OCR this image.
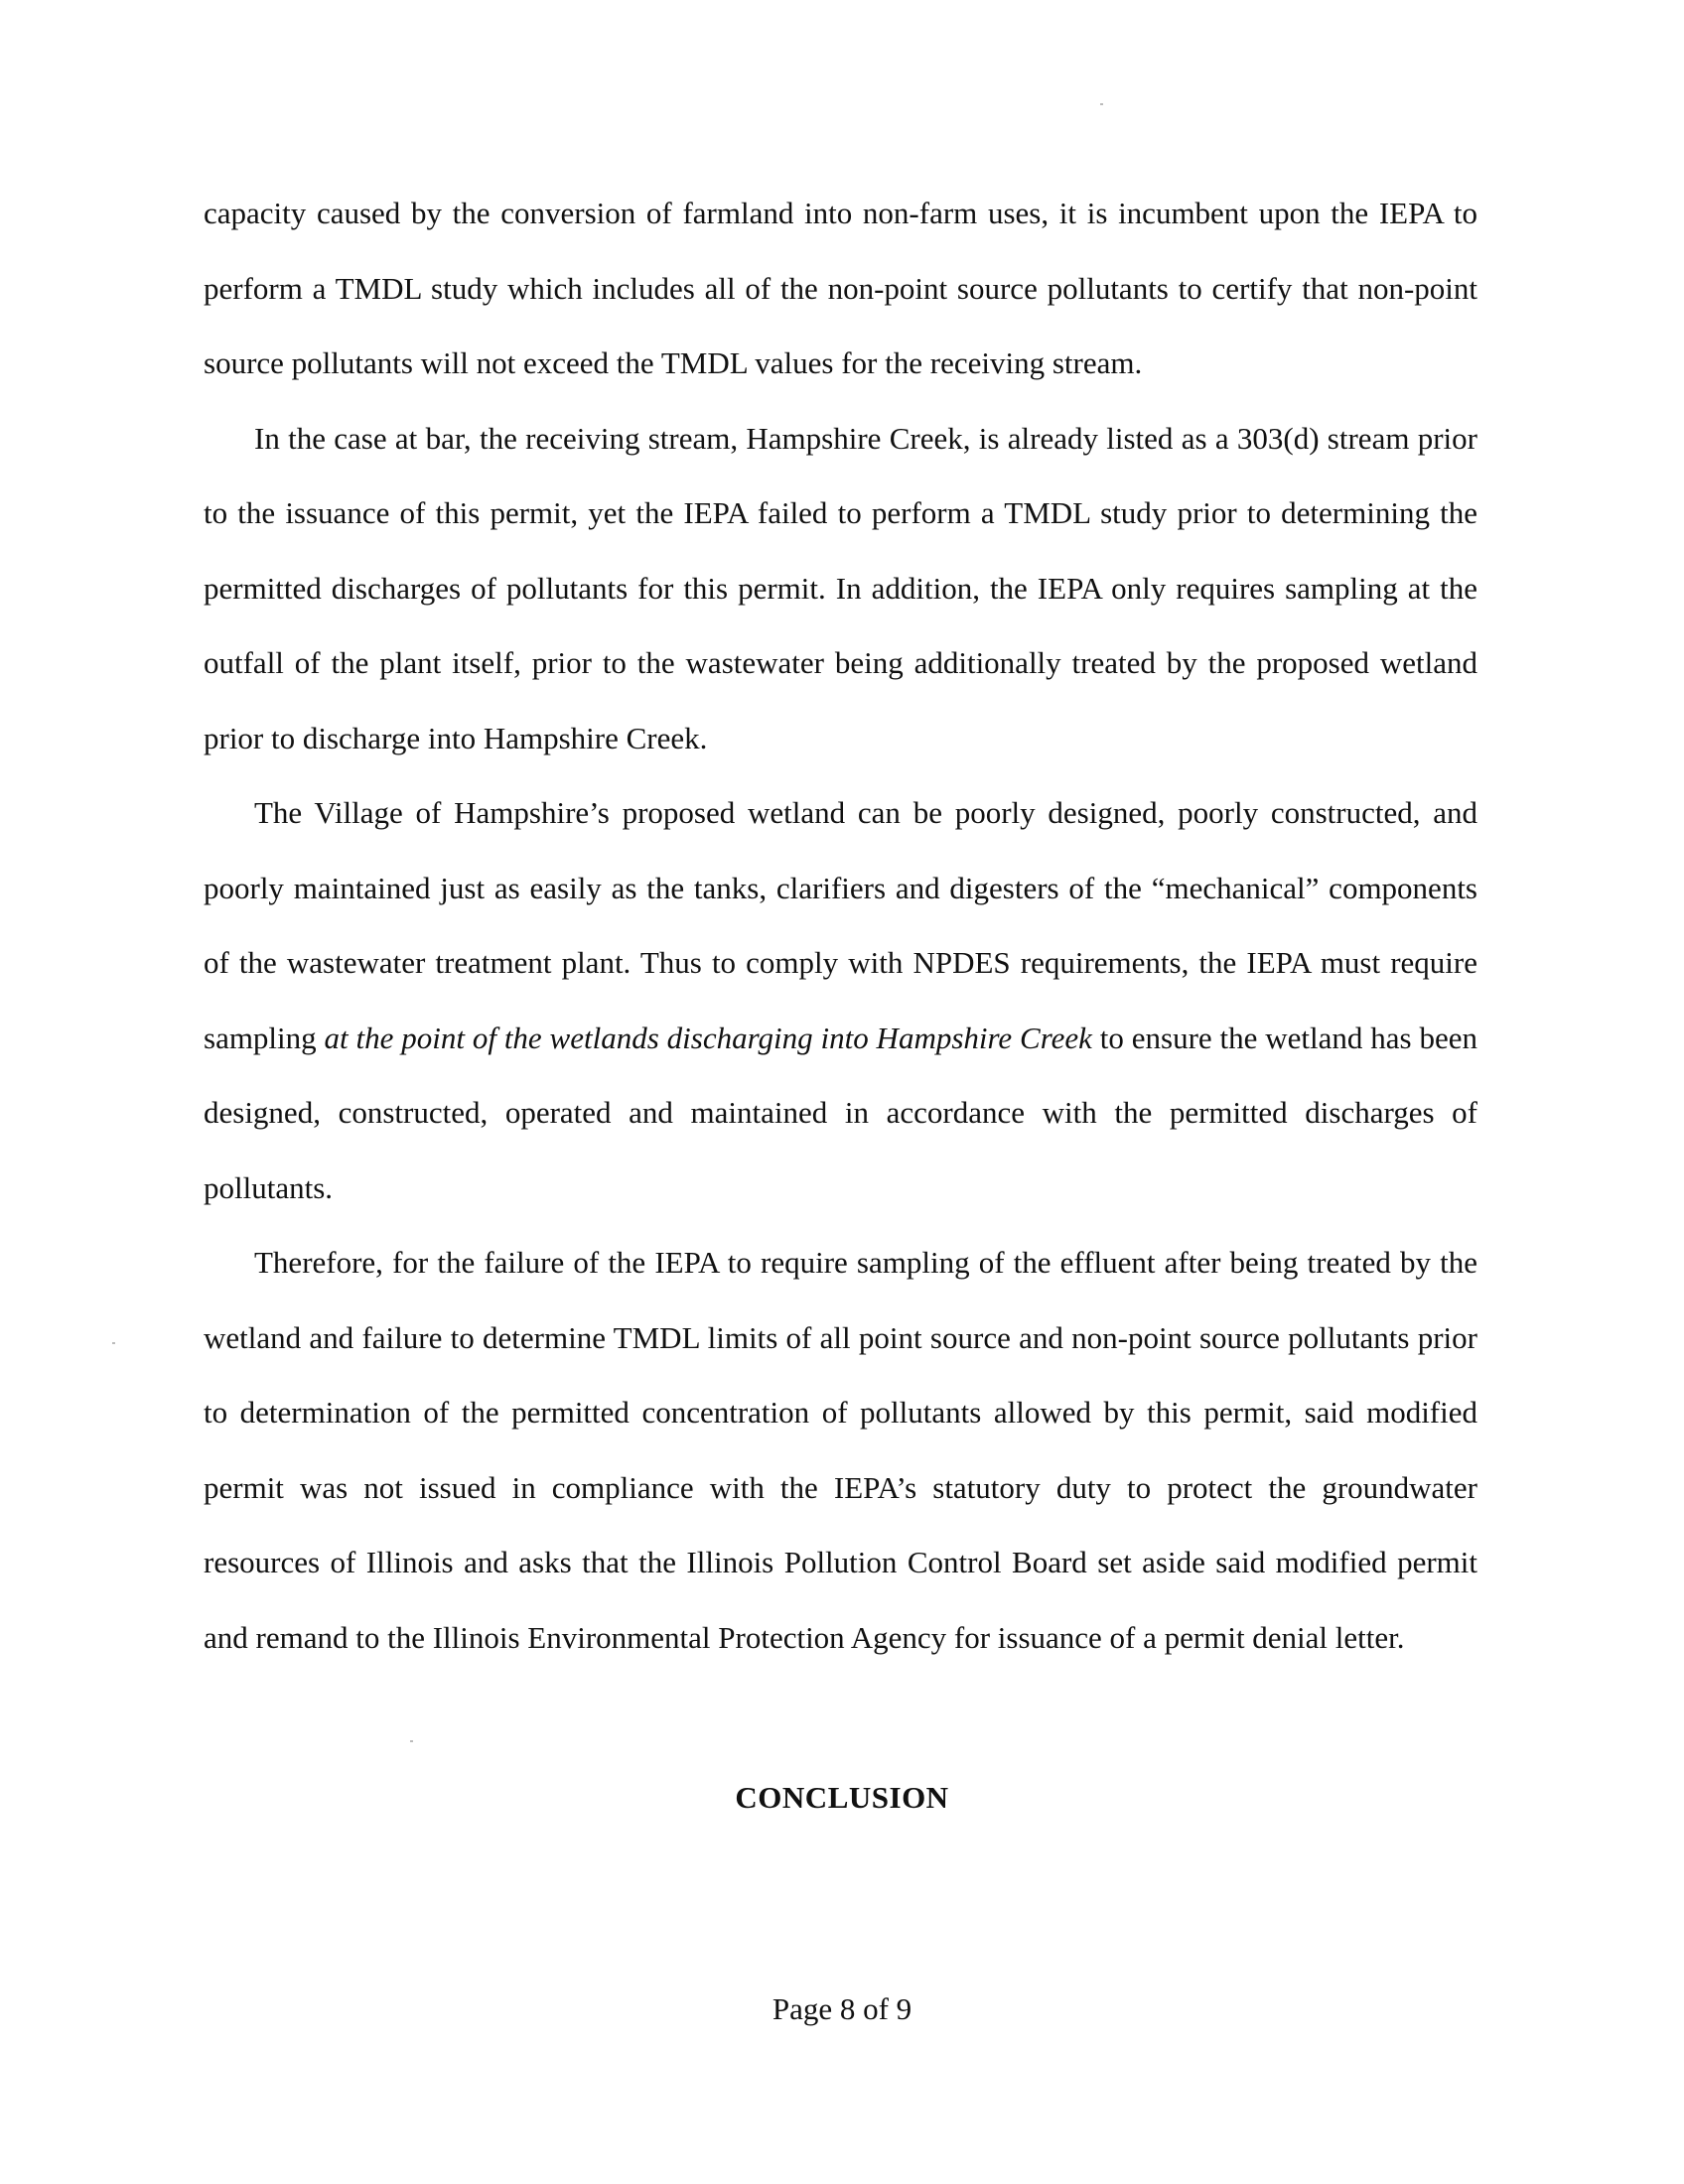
capacity caused by the conversion of farmland into non-farm uses, it is incumbent upon the IEPA to perform a TMDL study which includes all of the non-point source pollutants to certify that non-point source pollutants will not exceed the TMDL values for the receiving stream.

In the case at bar, the receiving stream, Hampshire Creek, is already listed as a 303(d) stream prior to the issuance of this permit, yet the IEPA failed to perform a TMDL study prior to determining the permitted discharges of pollutants for this permit. In addition, the IEPA only requires sampling at the outfall of the plant itself, prior to the wastewater being additionally treated by the proposed wetland prior to discharge into Hampshire Creek.

The Village of Hampshire’s proposed wetland can be poorly designed, poorly constructed, and poorly maintained just as easily as the tanks, clarifiers and digesters of the “mechanical” components of the wastewater treatment plant. Thus to comply with NPDES requirements, the IEPA must require sampling at the point of the wetlands discharging into Hampshire Creek to ensure the wetland has been designed, constructed, operated and maintained in accordance with the permitted discharges of pollutants.

Therefore, for the failure of the IEPA to require sampling of the effluent after being treated by the wetland and failure to determine TMDL limits of all point source and non-point source pollutants prior to determination of the permitted concentration of pollutants allowed by this permit, said modified permit was not issued in compliance with the IEPA’s statutory duty to protect the groundwater resources of Illinois and asks that the Illinois Pollution Control Board set aside said modified permit and remand to the Illinois Environmental Protection Agency for issuance of a permit denial letter.

CONCLUSION

Page 8 of 9
